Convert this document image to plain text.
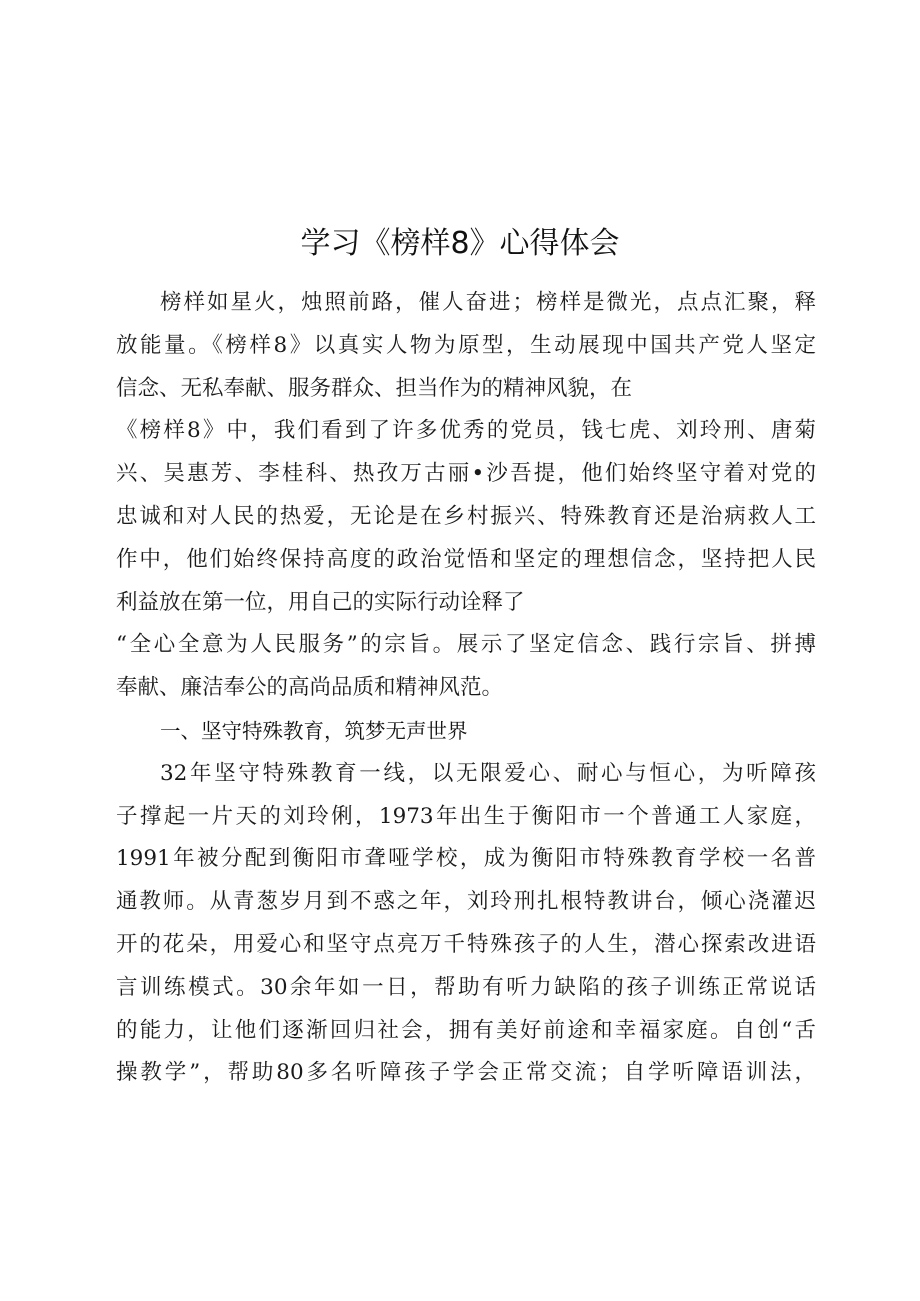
学习《榜样8》心得体会
榜样如星火，烛照前路，催人奋进；榜样是微光，点点汇聚，释
放能量。《榜样8》以真实人物为原型，生动展现中国共产党人坚定
信念、无私奉献、服务群众、担当作为的精神风貌，在
《榜样8》中，我们看到了许多优秀的党员，钱七虎、刘玲刑、唐菊
兴、吴惠芳、李桂科、热孜万古丽•沙吾提，他们始终坚守着对党的
忠诚和对人民的热爱，无论是在乡村振兴、特殊教育还是治病救人工
作中，他们始终保持高度的政治觉悟和坚定的理想信念，坚持把人民
利益放在第一位，用自己的实际行动诠释了
“全心全意为人民服务”的宗旨。展示了坚定信念、践行宗旨、拼搏
奉献、廉洁奉公的高尚品质和精神风范。
一、坚守特殊教育，筑梦无声世界
32年坚守特殊教育一线，以无限爱心、耐心与恒心，为听障孩
子撑起一片天的刘玲俐，1973年出生于衡阳市一个普通工人家庭，
1991年被分配到衡阳市聋哑学校，成为衡阳市特殊教育学校一名普
通教师。从青葱岁月到不惑之年，刘玲刑扎根特教讲台，倾心浇灌迟
开的花朵，用爱心和坚守点亮万千特殊孩子的人生，潜心探索改进语
言训练模式。30余年如一日，帮助有听力缺陷的孩子训练正常说话
的能力，让他们逐渐回归社会，拥有美好前途和幸福家庭。自创“舌
操教学”，帮助80多名听障孩子学会正常交流；自学听障语训法，
